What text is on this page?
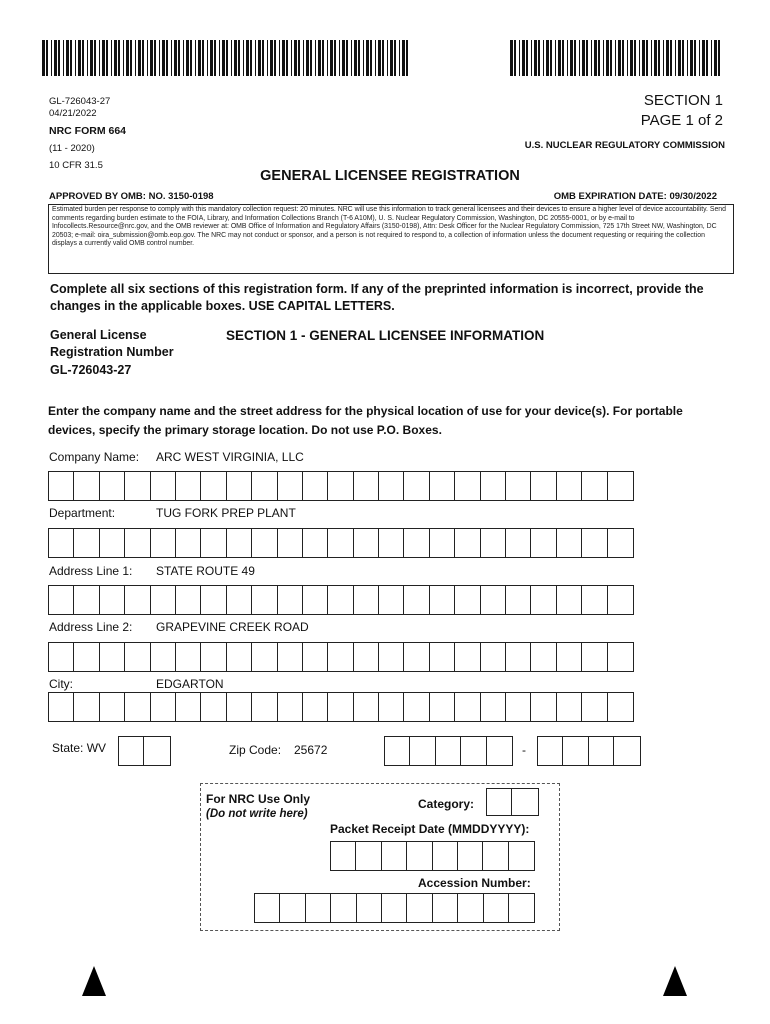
GL-726043-27
04/21/2022
NRC FORM 664
(11 - 2020)
10 CFR 31.5
SECTION 1
PAGE 1 of 2
U.S. NUCLEAR REGULATORY COMMISSION
GENERAL LICENSEE REGISTRATION
APPROVED BY OMB: NO. 3150-0198	OMB EXPIRATION DATE: 09/30/2022
Estimated burden per response to comply with this mandatory collection request: 20 minutes. NRC will use this information to track general licensees and their devices to ensure a higher level of device accountability. Send comments regarding burden estimate to the FOIA, Library, and Information Collections Branch (T-6 A10M), U. S. Nuclear Regulatory Commission, Washington, DC 20555-0001, or by e-mail to Infocollects.Resource@nrc.gov, and the OMB reviewer at: OMB Office of Information and Regulatory Affairs (3150-0198), Attn: Desk Officer for the Nuclear Regulatory Commission, 725 17th Street NW, Washington, DC 20503; e-mail: oira_submission@omb.eop.gov. The NRC may not conduct or sponsor, and a person is not required to respond to, a collection of information unless the document requesting or requiring the collection displays a currently valid OMB control number.
Complete all six sections of this registration form. If any of the preprinted information is incorrect, provide the changes in the applicable boxes. USE CAPITAL LETTERS.
General License
Registration Number
GL-726043-27
SECTION 1 - GENERAL LICENSEE INFORMATION
Enter the company name and the street address for the physical location of use for your device(s). For portable devices, specify the primary storage location. Do not use P.O. Boxes.
Company Name: ARC WEST VIRGINIA, LLC
Department:	TUG FORK PREP PLANT
Address Line 1: STATE ROUTE 49
Address Line 2: GRAPEVINE CREEK ROAD
City:	EDGARTON
State: WV	Zip Code: 25672	-
For NRC Use Only
(Do not write here)
Category:
Packet Receipt Date (MMDDYYYY):
Accession Number:
